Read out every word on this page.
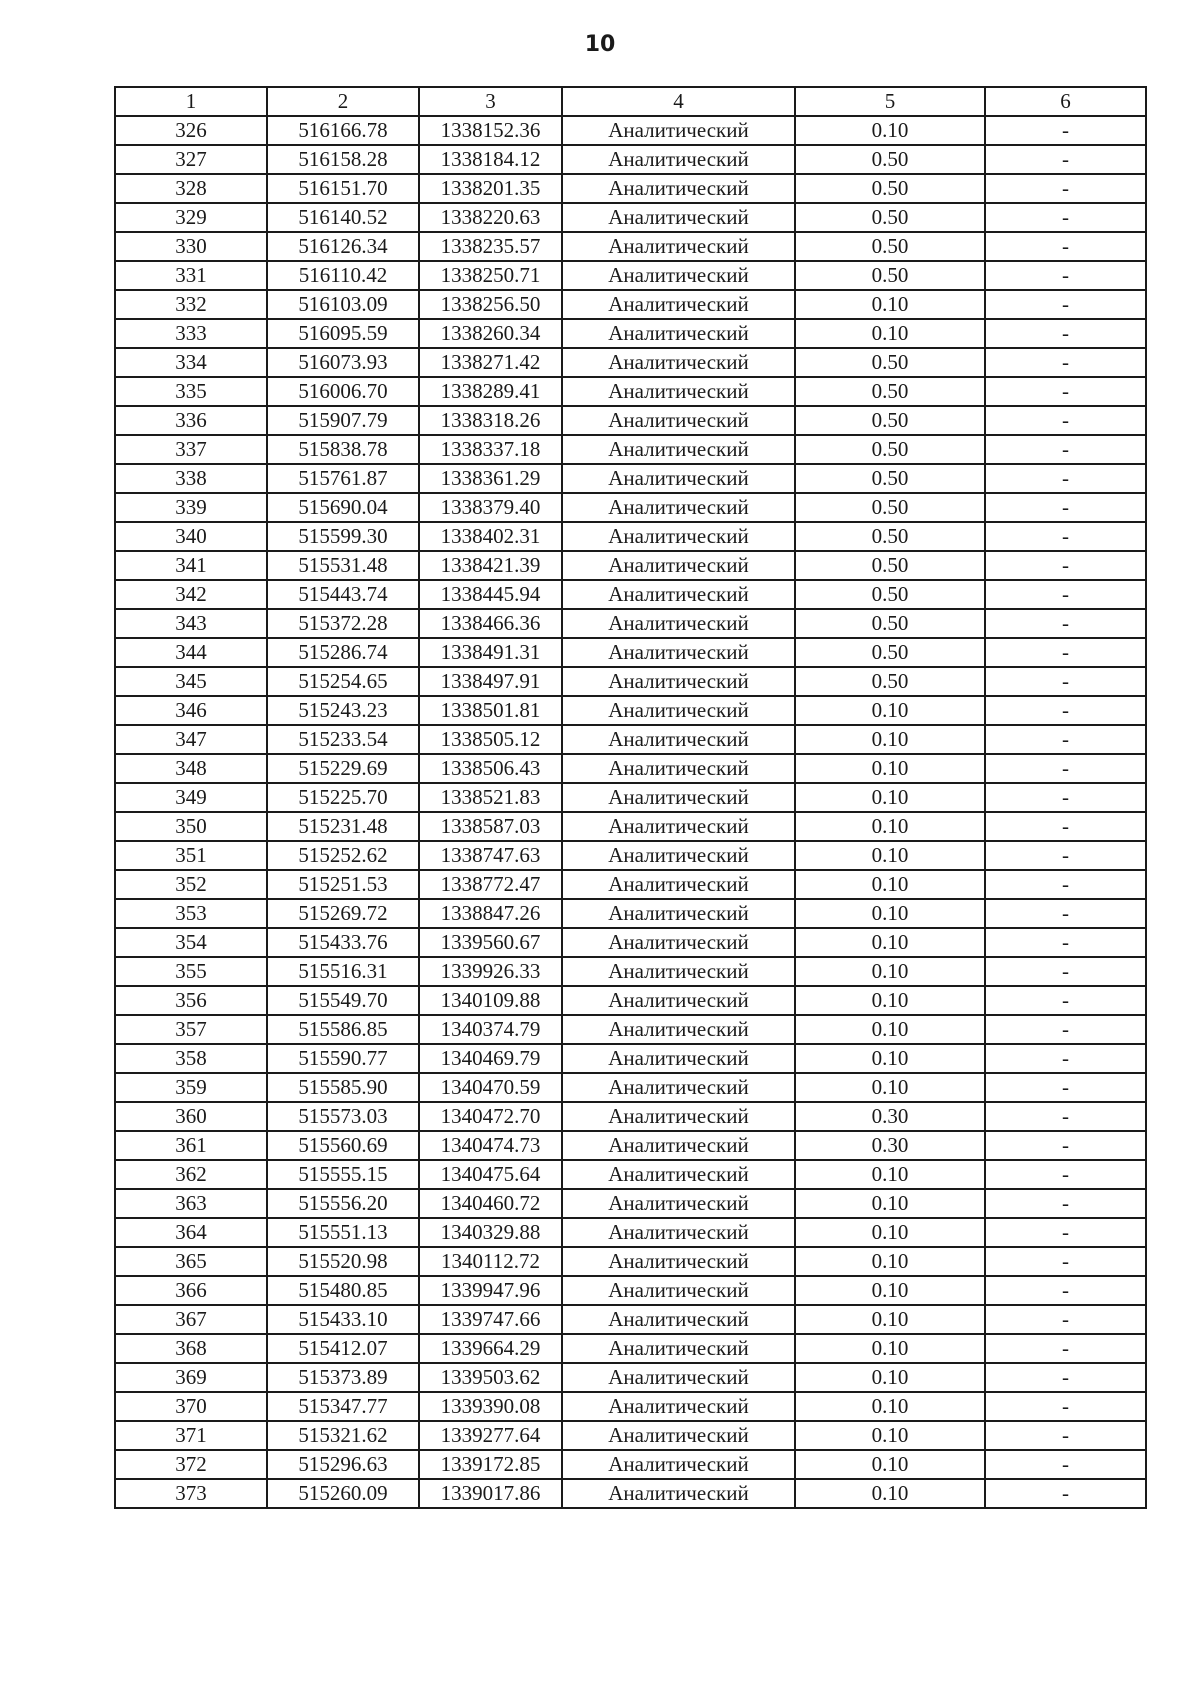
10
1	2	3	4	5	6
326	516166.78	1338152.36	Аналитический	0.10	-
327	516158.28	1338184.12	Аналитический	0.50	-
328	516151.70	1338201.35	Аналитический	0.50	-
329	516140.52	1338220.63	Аналитический	0.50	-
330	516126.34	1338235.57	Аналитический	0.50	-
331	516110.42	1338250.71	Аналитический	0.50	-
332	516103.09	1338256.50	Аналитический	0.10	-
333	516095.59	1338260.34	Аналитический	0.10	-
334	516073.93	1338271.42	Аналитический	0.50	-
335	516006.70	1338289.41	Аналитический	0.50	-
336	515907.79	1338318.26	Аналитический	0.50	-
337	515838.78	1338337.18	Аналитический	0.50	-
338	515761.87	1338361.29	Аналитический	0.50	-
339	515690.04	1338379.40	Аналитический	0.50	-
340	515599.30	1338402.31	Аналитический	0.50	-
341	515531.48	1338421.39	Аналитический	0.50	-
342	515443.74	1338445.94	Аналитический	0.50	-
343	515372.28	1338466.36	Аналитический	0.50	-
344	515286.74	1338491.31	Аналитический	0.50	-
345	515254.65	1338497.91	Аналитический	0.50	-
346	515243.23	1338501.81	Аналитический	0.10	-
347	515233.54	1338505.12	Аналитический	0.10	-
348	515229.69	1338506.43	Аналитический	0.10	-
349	515225.70	1338521.83	Аналитический	0.10	-
350	515231.48	1338587.03	Аналитический	0.10	-
351	515252.62	1338747.63	Аналитический	0.10	-
352	515251.53	1338772.47	Аналитический	0.10	-
353	515269.72	1338847.26	Аналитический	0.10	-
354	515433.76	1339560.67	Аналитический	0.10	-
355	515516.31	1339926.33	Аналитический	0.10	-
356	515549.70	1340109.88	Аналитический	0.10	-
357	515586.85	1340374.79	Аналитический	0.10	-
358	515590.77	1340469.79	Аналитический	0.10	-
359	515585.90	1340470.59	Аналитический	0.10	-
360	515573.03	1340472.70	Аналитический	0.30	-
361	515560.69	1340474.73	Аналитический	0.30	-
362	515555.15	1340475.64	Аналитический	0.10	-
363	515556.20	1340460.72	Аналитический	0.10	-
364	515551.13	1340329.88	Аналитический	0.10	-
365	515520.98	1340112.72	Аналитический	0.10	-
366	515480.85	1339947.96	Аналитический	0.10	-
367	515433.10	1339747.66	Аналитический	0.10	-
368	515412.07	1339664.29	Аналитический	0.10	-
369	515373.89	1339503.62	Аналитический	0.10	-
370	515347.77	1339390.08	Аналитический	0.10	-
371	515321.62	1339277.64	Аналитический	0.10	-
372	515296.63	1339172.85	Аналитический	0.10	-
373	515260.09	1339017.86	Аналитический	0.10	-
